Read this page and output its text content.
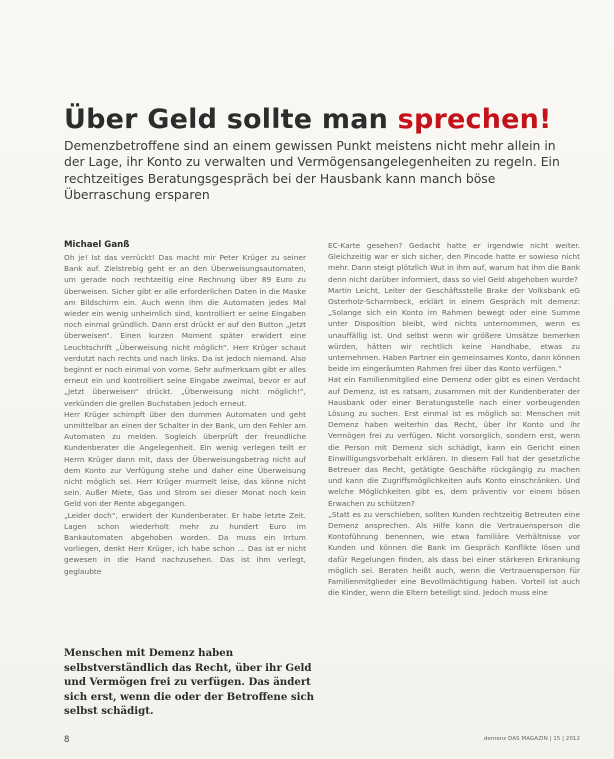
Über Geld sollte man sprechen!
Demenzbetroffene sind an einem gewissen Punkt meistens nicht mehr allein in der Lage, ihr Konto zu verwalten und Vermögensangelegenheiten zu regeln. Ein rechtzeitiges Beratungsgespräch bei der Hausbank kann manch böse Überraschung ersparen
Michael Ganß

Oh je! Ist das verrückt! Das macht mir Peter Krüger zu seiner Bank auf. Zielstrebig geht er an den Überweisungsautomaten, um gerade noch rechtzeitig eine Rechnung über 89 Euro zu überweisen. Sicher gibt er alle erforderlichen Daten in die Maske am Bildschirm ein. Auch wenn ihm die Automaten jedes Mal wieder ein wenig unheimlich sind, kontrolliert er seine Eingaben noch einmal gründlich. Dann erst drückt er auf den Button „Jetzt überweisen“. Einen kurzen Moment später erwidert eine Leuchtschrift „Überweisung nicht möglich“. Herr Krüger schaut verdutzt nach rechts und nach links. Da ist jedoch niemand. Also beginnt er noch einmal von vorne. Sehr aufmerksam gibt er alles erneut ein und kontrolliert seine Eingabe zweimal, bevor er auf „Jetzt überweisen“ drückt. „Überweisung nicht möglich!“, verkünden die grellen Buchstaben jedoch erneut.

Herr Krüger schimpft über den dummen Automaten und geht unmittelbar an einen der Schalter in der Bank, um den Fehler am Automaten zu melden. Sogleich überprüft der freundliche Kundenberater die Angelegenheit. Ein wenig verlegen teilt er Herrn Krüger dann mit, dass der Überweisungsbetrag nicht auf dem Konto zur Verfügung stehe und daher eine Überweisung nicht möglich sei. Herr Krüger murmelt leise, das könne nicht sein. Außer Miete, Gas und Strom sei dieser Monat noch kein Geld von der Rente abgegangen.

„Leider doch“, erwidert der Kundenberater. Er habe letzte Zeit. Lagen schon wiederholt mehr zu hundert Euro im Bankautomaten abgehoben worden. Da muss ein Irrtum vorliegen, denkt Herr Krüger, ich habe schon ... Das ist er nicht gewesen in die Hand nachzusehen. Das ist ihm verlegt, geglaubte

EC-Karte gesehen? Gedacht hatte er irgendwie nicht weiter. Gleichzeitig war er sich sicher, den Pincode hatte er sowieso nicht mehr. Dann steigt plötzlich Wut in ihm auf, warum hat ihm die Bank denn nicht darüber informiert, dass so viel Geld abgehoben wurde?

Martin Leicht, Leiter der Geschäftsstelle Brake der Volksbank eG Osterholz-Scharmbeck, erklärt in einem Gespräch mit demenz: „Solange sich ein Konto im Rahmen bewegt oder eine Summe unter Disposition bleibt, wird nichts unternommen, wenn es unauffällig ist. Und selbst wenn wir größere Umsätze bemerken würden, hätten wir rechtlich keine Handhabe, etwas zu unternehmen. Haben Partner ein gemeinsames Konto, dann können beide im eingeräumten Rahmen frei über das Konto verfügen.“

Hat ein Familienmitglied eine Demenz oder gibt es einen Verdacht auf Demenz, ist es ratsam, zusammen mit der Kundenberater der Hausbank oder einer Beratungsstelle nach einer vorbeugenden Lösung zu suchen. Erst einmal ist es möglich so: Menschen mit Demenz haben weiterhin das Recht, über ihr Konto und ihr Vermögen frei zu verfügen. Nicht vorsorglich, sondern erst, wenn die Person mit Demenz sich schädigt, kann ein Gericht einen Einwilligungsvorbehalt erklären. In diesem Fall hat der gesetzliche Betreuer das Recht, getätigte Geschäfte rückgängig zu machen und kann die Zugriffsmöglichkeiten aufs Konto einschränken. Und welche Möglichkeiten gibt es, dem präventiv vor einem bösen Erwachen zu schützen?

„Statt es zu verschieben, sollten Kunden rechtzeitig Betreuten eine Demenz ansprechen. Als Hilfe kann die Vertrauensperson die Kontoführung benennen, wie etwa familiäre Verhältnisse vor Kunden und können die Bank im Gespräch Konflikte lösen und dafür Regelungen finden, als dass bei einer stärkeren Erkrankung möglich sei. Beraten heißt auch, wenn die Vertrauensperson für Familienmitglieder eine Bevollmächtigung haben. Vorteil ist auch die Kinder, wenn die Eltern beteiligt sind. Jedoch muss eine

Menschen mit Demenz haben selbstverständlich das Recht, über ihr Geld und Vermögen frei zu verfügen. Das ändert sich erst, wenn die oder der Betroffene sich selbst schädigt.
8	demenz DAS MAGAZIN | 15 | 2012
